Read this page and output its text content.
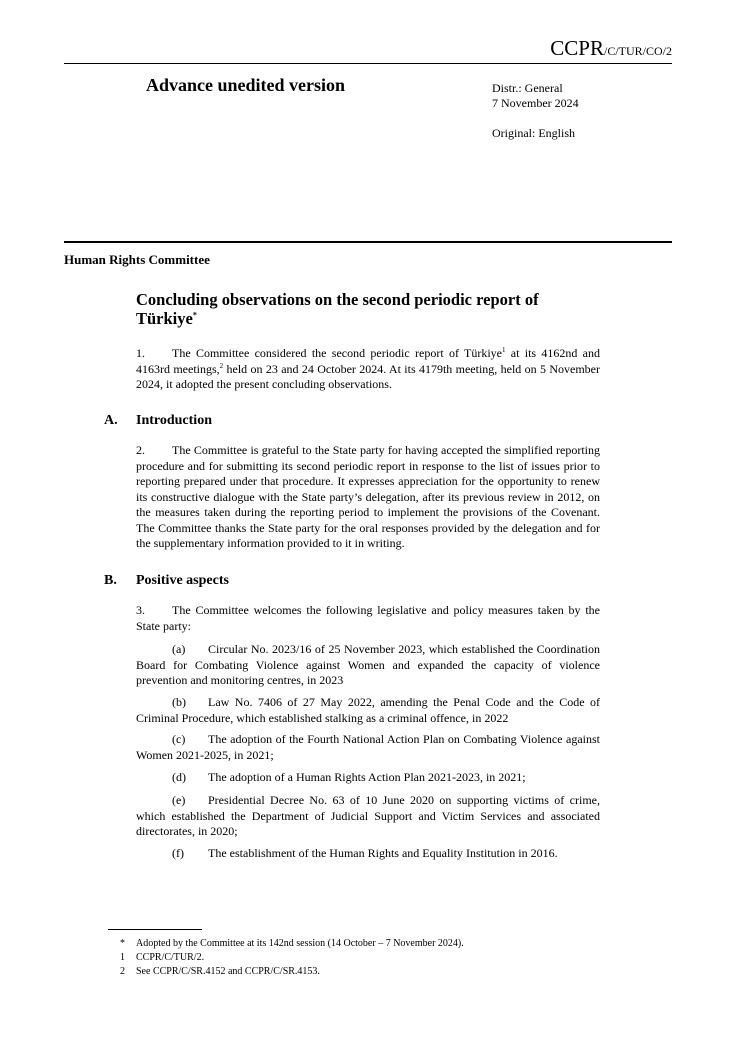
CCPR/C/TUR/CO/2
Advance unedited version	Distr.: General
7 November 2024
Original: English
Human Rights Committee
Concluding observations on the second periodic report of
Türkiye*
1. The Committee considered the second periodic report of Türkiye$^1$ at its 4162nd and 4163rd meetings,$^2$ held on 23 and 24 October 2024. At its 4179th meeting, held on 5 November 2024, it adopted the present concluding observations.
A. Introduction
2. The Committee is grateful to the State party for having accepted the simplified reporting procedure and for submitting its second periodic report in response to the list of issues prior to reporting prepared under that procedure. It expresses appreciation for the opportunity to renew its constructive dialogue with the State party’s delegation, after its previous review in 2012, on the measures taken during the reporting period to implement the provisions of the Covenant. The Committee thanks the State party for the oral responses provided by the delegation and for the supplementary information provided to it in writing.
B. Positive aspects
3. The Committee welcomes the following legislative and policy measures taken by the State party:
(a) Circular No. 2023/16 of 25 November 2023, which established the Coordination Board for Combating Violence against Women and expanded the capacity of violence prevention and monitoring centres, in 2023
(b) Law No. 7406 of 27 May 2022, amending the Penal Code and the Code of Criminal Procedure, which established stalking as a criminal offence, in 2022
(c) The adoption of the Fourth National Action Plan on Combating Violence against Women 2021-2025, in 2021;
(d) The adoption of a Human Rights Action Plan 2021-2023, in 2021;
(e) Presidential Decree No. 63 of 10 June 2020 on supporting victims of crime, which established the Department of Judicial Support and Victim Services and associated directorates, in 2020;
(f) The establishment of the Human Rights and Equality Institution in 2016.
* Adopted by the Committee at its 142nd session (14 October – 7 November 2024).
1 CCPR/C/TUR/2.
2 See CCPR/C/SR.4152 and CCPR/C/SR.4153.
